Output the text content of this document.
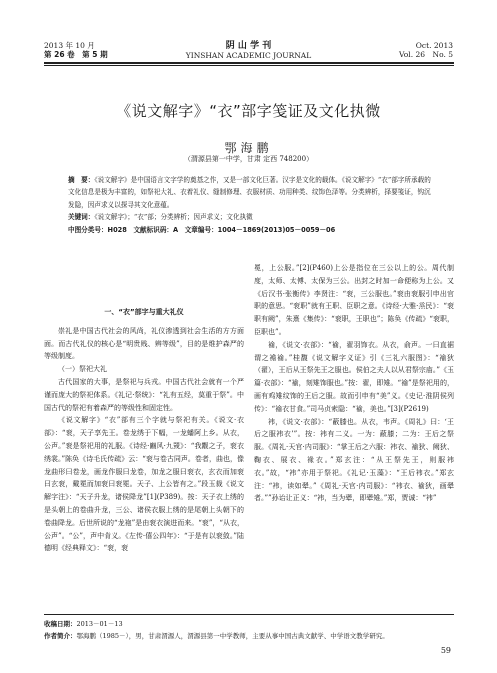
2013 年 10 月
第 26 卷　第 5 期
阴 山 学 刊
YINSHAN ACADEMIC JOURNAL
Oct. 2013
Vol. 26　No. 5
《说文解字》“衣”部字笺证及文化执微
鄂海鹏
（渭源县第一中学，甘肃 定西 748200）
摘　要：《说文解字》是中国语言文字学的奠基之作，又是一部文化巨著。汉字是文化的载体。《说文解字》“衣”部字所承载的文化信息是极为丰富的，如祭祀大礼、衣着礼仪、缝制修理、衣服材质、功用种类、纹饰色泽等。分类辨析，择要笺证，钩沉发隐，因声求义以探寻其文化意蕴。
关键词：《说文解字》；“衣”部；分类辨析；因声求义；文化执微
中图分类号：H028　文献标识码：A　文章编号：1004－1869(2013)05－0059－06

一、“衣”部字与重大礼仪

崇礼是中国古代社会的风尚，礼仪渗透到社会生活的方方面面。而古代礼仪的核心是“明贵贱、辨等级”，目的是维护森严的等级制度。

（一）祭祀大礼

古代国家的大事，是祭祀与兵戎。中国古代社会就有一个严谨而庞大的祭祀体系。《礼记·祭统》：“礼有五经，莫重于祭”。中国古代的祭祀有着森严的等级性和固定性。

《说文解字》“衣”部有三个字就与祭祀有关。《说文·衣部》：“衮，天子享先王。卷龙绣于下幅，一龙蟠阿上乡。从衣，公声。”衮是祭祀用的礼服。《诗经·豳风·九罭》：“我觏之子，衮衣绣裳。”陈奂《诗毛氏传疏》云：“衮与卷古同声。卷者，曲也，像龙曲形曰卷龙，画龙作服曰龙卷，加龙之服曰衮衣，玄衣而加衮曰玄衮，戴冕而加衮曰衮冕。天子、上公皆有之。”段玉裁《说文解字注》：“天子升龙，诸侯降龙”[1](P389)。按：天子衣上绣的是头朝上的卷曲升龙，三公、诸侯衣服上绣的是尾朝上头朝下的卷曲降龙。后世所说的“龙袍”是由衮衣演进而来。“衮”，“从衣，公声”。“公”，声中肯义。《左传·僖公四年》：“于是有以衮敛。”陆德明《经典释文》：“衮，衮

冕，上公服。”[2](P460)上公是指位在三公以上的公。周代制度，太师、太傅、太保为三公。出封之时加一命便称为上公。又《后汉书·张衡传》李贤注：“衮，三公服也。”衮由衮服引申出官职的意思。“衮职”就有王职、臣职之意。《诗经·大雅·烝民》：“衮职有阙”，朱熹《集传》：“衮职，王职也”；陈奂《传疏》“衮职，臣职也”。

褕，《说文·衣部》：“褕，翟羽饰衣。从衣，俞声。一曰直裾谓之襜褕。”桂馥《说文解字义证》引《三礼六服图》：“褕狄（翟），王后从王祭先王之服也。侯伯之夫人以从君祭宗庙。”《玉篇·衣部》：“褕，刻雉饰服也。”按：翟，即雉。“褕”是祭祀用的，画有鸡雉纹饰的王后之服。故而引申有“美”义。《史记·淮阴侯列传》：“褕衣甘食。”司马贞索隐：“褕，美也。”[3](P2619)

袆，《说文·衣部》：“蔽膝也。从衣，韦声。《周礼》曰：‘王后之服袆衣’”。按：袆有二义。一为：蔽膝；二为：王后之祭服。《周礼·天官·内司服》：“掌王后之六服：袆衣、褕狄、阙狄、鞠衣、展衣、褖衣。”郑玄注：“从王祭先王，则服袆衣。”故，“袆”亦用于祭祀。《礼记·玉藻》：“王后袆衣。”郑玄注：“袆，读如翚。”《周礼·天官·内司服》：“袆衣、褕狄，画翚者。””孙诒让正义：“袆，当为翚，即翚雉。”郑，贾诚：“袆”

收稿日期：2013－01－13
作者简介：鄂海鹏（1985－），男，甘肃渭源人，渭源县第一中学教师，主要从事中国古典文献学、中学语文教学研究。
59
